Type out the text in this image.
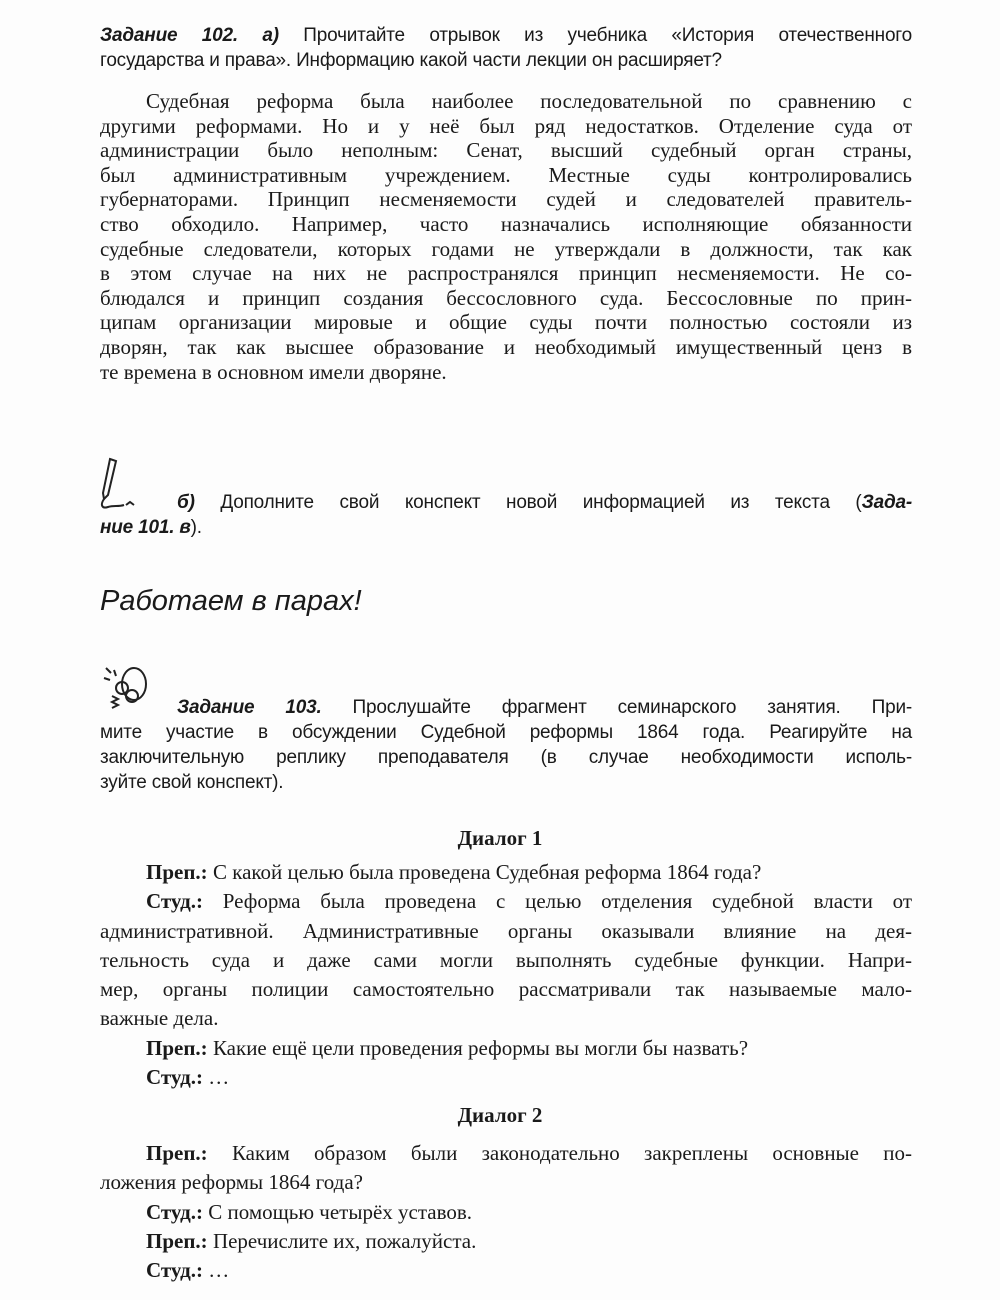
Задание 102. а) Прочитайте отрывок из учебника «История отечественного
государства и права». Информацию какой части лекции он расширяет?
Судебная реформа была наиболее последовательной по сравнению с
другими реформами. Но и у неё был ряд недостатков. Отделение суда от
администрации было неполным: Сенат, высший судебный орган страны,
был административным учреждением. Местные суды контролировались
губернаторами. Принцип несменяемости судей и следователей правитель-
ство обходило. Например, часто назначались исполняющие обязанности
судебные следователи, которых годами не утверждали в должности, так как
в этом случае на них не распространялся принцип несменяемости. Не со-
блюдался и принцип создания бессословного суда. Бессословные по прин-
ципам организации мировые и общие суды почти полностью состояли из
дворян, так как высшее образование и необходимый имущественный ценз в
те времена в основном имели дворяне.
б) Дополните свой конспект новой информацией из текста (Зада-
ние 101. в).
Работаем в парах!
Задание 103. Прослушайте фрагмент семинарского занятия. При-
мите участие в обсуждении Судебной реформы 1864 года. Реагируйте на
заключительную реплику преподавателя (в случае необходимости исполь-
зуйте свой конспект).
Диалог 1
Преп.: С какой целью была проведена Судебная реформа 1864 года?
Студ.: Реформа была проведена с целью отделения судебной власти от
административной. Административные органы оказывали влияние на дея-
тельность суда и даже сами могли выполнять судебные функции. Напри-
мер, органы полиции самостоятельно рассматривали так называемые мало-
важные дела.
Преп.: Какие ещё цели проведения реформы вы могли бы назвать?
Студ.: …
Диалог 2
Преп.: Каким образом были законодательно закреплены основные по-
ложения реформы 1864 года?
Студ.: С помощью четырёх уставов.
Преп.: Перечислите их, пожалуйста.
Студ.: …
